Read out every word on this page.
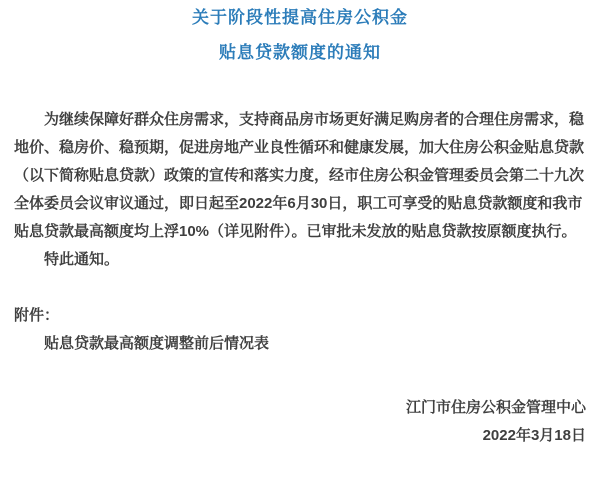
关于阶段性提高住房公积金
贴息贷款额度的通知

为继续保障好群众住房需求，支持商品房市场更好满足购房者的合理住房需求，稳地价、稳房价、稳预期，促进房地产业良性循环和健康发展，加大住房公积金贴息贷款（以下简称贴息贷款）政策的宣传和落实力度，经市住房公积金管理委员会第二十九次全体委员会议审议通过，即日起至2022年6月30日，职工可享受的贴息贷款额度和我市贴息贷款最高额度均上浮10%（详见附件）。已审批未发放的贴息贷款按原额度执行。

特此通知。

附件：

贴息贷款最高额度调整前后情况表

江门市住房公积金管理中心

2022年3月18日
